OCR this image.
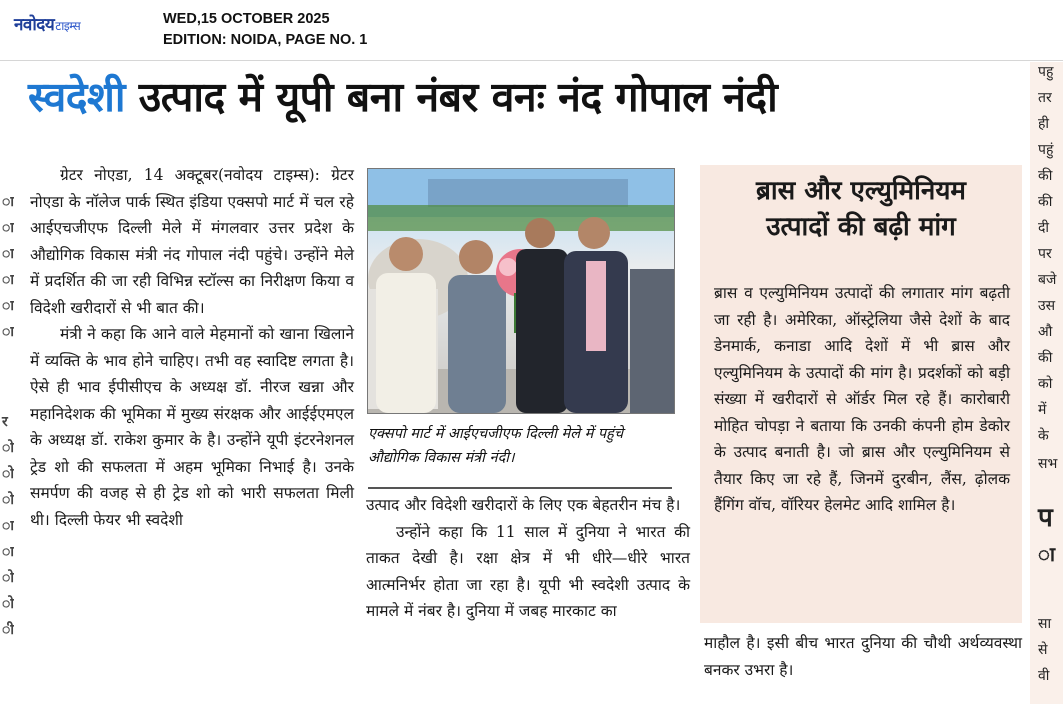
नवोदयटाइम्स	WED,15 OCTOBER 2025
EDITION: NOIDA, PAGE NO. 1
ा
ा
ा
ा
ा
ा
र
ो
ो
ो
ा
ा
ो
ो
ी
स्वदेशी उत्पाद में यूपी बना नंबर वनः नंद गोपाल नंदी

ग्रेटर नोएडा, 14 अक्टूबर(नवोदय टाइम्स): ग्रेटर नोएडा के नॉलेज पार्क स्थित इंडिया एक्सपो मार्ट में चल रहे आईएचजीएफ दिल्ली मेले में मंगलवार उत्तर प्रदेश के औद्योगिक विकास मंत्री नंद गोपाल नंदी पहुंचे। उन्होंने मेले में प्रदर्शित की जा रही विभिन्न स्टॉल्स का निरीक्षण किया व विदेशी खरीदारों से भी बात की।

मंत्री ने कहा कि आने वाले मेहमानों को खाना खिलाने में व्यक्ति के भाव होने चाहिए। तभी वह स्वादिष्ट लगता है। ऐसे ही भाव ईपीसीएच के अध्यक्ष डॉ. नीरज खन्ना और महानिदेशक की भूमिका में मुख्य संरक्षक और आईईएमएल के अध्यक्ष डॉ. राकेश कुमार के है। उन्होंने यूपी इंटरनेशनल ट्रेड शो की सफलता में अहम भूमिका निभाई है। उनके समर्पण की वजह से ही ट्रेड शो को भारी सफलता मिली थी। दिल्ली फेयर भी स्वदेशी

एक्सपो मार्ट में आईएचजीएफ दिल्ली मेले में पहुंचे औद्योगिक विकास मंत्री नंदी।

उत्पाद और विदेशी खरीदारों के लिए एक बेहतरीन मंच है।

उन्होंने कहा कि 11 साल में दुनिया ने भारत की ताकत देखी है। रक्षा क्षेत्र में भी धीरे—धीरे भारत आत्मनिर्भर होता जा रहा है। यूपी भी स्वदेशी उत्पाद के मामले में नंबर है। दुनिया में जबह मारकाट का

ब्रास और एल्युमिनियम
उत्पादों की बढ़ी मांग
ब्रास व एल्युमिनियम उत्पादों की लगातार मांग बढ़ती जा रही है। अमेरिका, ऑस्ट्रेलिया जैसे देशों के बाद डेनमार्क, कनाडा आदि देशों में भी ब्रास और एल्युमिनियम के उत्पादों की मांग है। प्रदर्शकों को बड़ी संख्या में खरीदारों से ऑर्डर मिल रहे हैं। कारोबारी मोहित चोपड़ा ने बताया कि उनकी कंपनी होम डेकोर के उत्पाद बनाती है। जो ब्रास और एल्युमिनियम से तैयार किए जा रहे हैं, जिनमें दुरबीन, लैंस, ढ़ोलक हैंगिंग वॉच, वॉरियर हेलमेट आदि शामिल है।

माहौल है। इसी बीच भारत दुनिया की चौथी अर्थव्यवस्था बनकर उभरा है।

पहु
तर
ही
पहुं
की
की
दी
पर
बजे
उस
औ
की
को
में
के
सभ
प
ा
सा
से
वी
